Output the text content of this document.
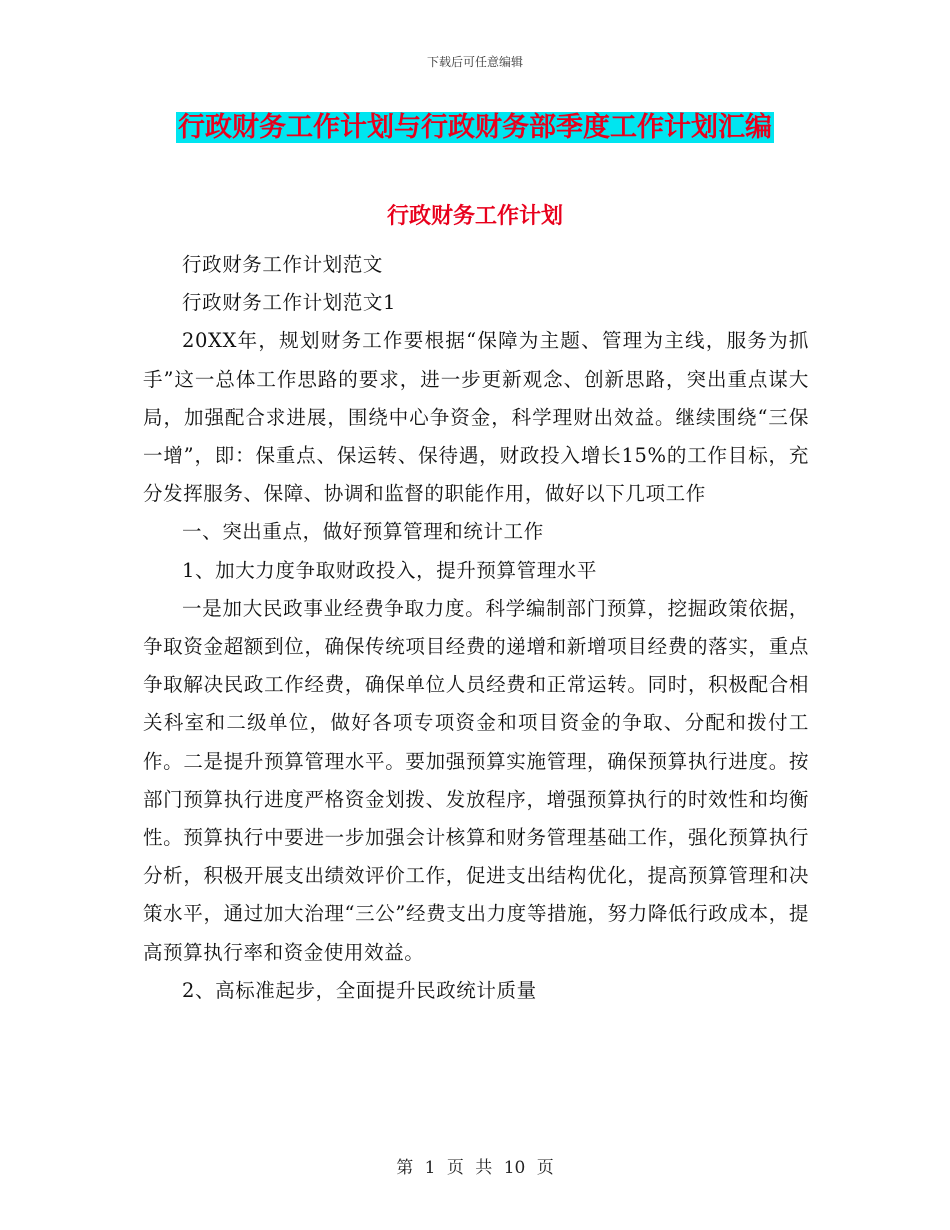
下载后可任意编辑
行政财务工作计划与行政财务部季度工作计划汇编
行政财务工作计划

行政财务工作计划范文

行政财务工作计划范文1

20XX年，规划财务工作要根据“保障为主题、管理为主线，服务为抓手”这一总体工作思路的要求，进一步更新观念、创新思路，突出重点谋大局，加强配合求进展，围绕中心争资金，科学理财出效益。继续围绕“三保一增”，即：保重点、保运转、保待遇，财政投入增长15%的工作目标，充分发挥服务、保障、协调和监督的职能作用，做好以下几项工作

一、突出重点，做好预算管理和统计工作

1、加大力度争取财政投入，提升预算管理水平

一是加大民政事业经费争取力度。科学编制部门预算，挖掘政策依据，争取资金超额到位，确保传统项目经费的递增和新增项目经费的落实，重点争取解决民政工作经费，确保单位人员经费和正常运转。同时，积极配合相关科室和二级单位，做好各项专项资金和项目资金的争取、分配和拨付工作。二是提升预算管理水平。要加强预算实施管理，确保预算执行进度。按部门预算执行进度严格资金划拨、发放程序，增强预算执行的时效性和均衡性。预算执行中要进一步加强会计核算和财务管理基础工作，强化预算执行分析，积极开展支出绩效评价工作，促进支出结构优化，提高预算管理和决策水平，通过加大治理“三公”经费支出力度等措施，努力降低行政成本，提高预算执行率和资金使用效益。

2、高标准起步，全面提升民政统计质量

第 1 页 共 10 页
